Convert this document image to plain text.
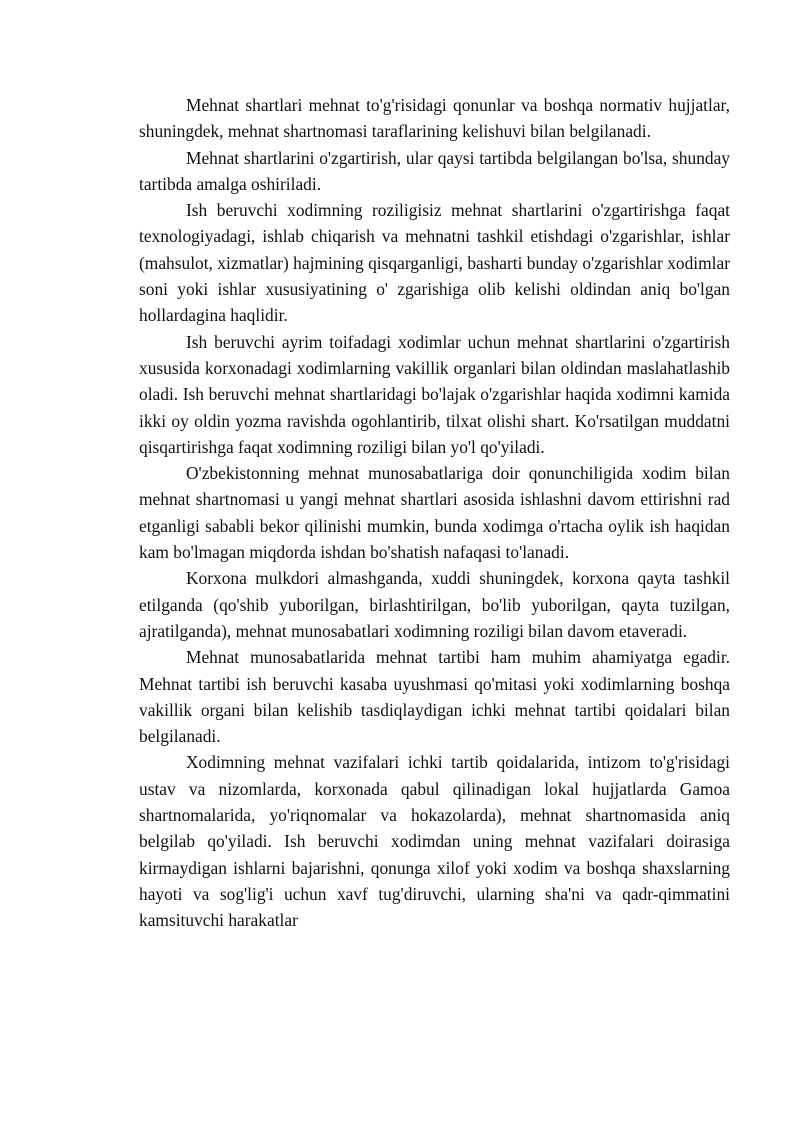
Mehnat shartlari mehnat to'g'risidagi qonunlar va boshqa normativ hujjatlar, shuningdek, mehnat shartnomasi taraflarining kelishuvi bilan belgilanadi.

Mehnat shartlarini o'zgartirish, ular qaysi tartibda belgilangan bo'lsa, shunday tartibda amalga oshiriladi.

Ish beruvchi xodimning roziligisiz mehnat shartlarini o'zgartirishga faqat texnologiyadagi, ishlab chiqarish va mehnatni tashkil etishdagi o'zgarishlar, ishlar (mahsulot, xizmatlar) hajmining qisqarganligi, basharti bunday o'zgarishlar xodimlar soni yoki ishlar xususiyatining o' zgarishiga olib kelishi oldindan aniq bo'lgan hollardagina haqlidir.

Ish beruvchi ayrim toifadagi xodimlar uchun mehnat shartlarini o'zgartirish xususida korxonadagi xodimlarning vakillik organlari bilan oldindan maslahatlashib oladi. Ish beruvchi mehnat shartlaridagi bo'lajak o'zgarishlar haqida xodimni kamida ikki oy oldin yozma ravishda ogohlantirib, tilxat olishi shart. Ko'rsatilgan muddatni qisqartirishga faqat xodimning roziligi bilan yo'l qo'yiladi.

O'zbekistonning mehnat munosabatlariga doir qonunchiligida xodim bilan mehnat shartnomasi u yangi mehnat shartlari asosida ishlashni davom ettirishni rad etganligi sababli bekor qilinishi mumkin, bunda xodimga o'rtacha oylik ish haqidan kam bo'lmagan miqdorda ishdan bo'shatish nafaqasi to'lanadi.

Korxona mulkdori almashganda, xuddi shuningdek, korxona qayta tashkil etilganda (qo'shib yuborilgan, birlashtirilgan, bo'lib yuborilgan, qayta tuzilgan, ajratilganda), mehnat munosabatlari xodimning roziligi bilan davom etaveradi.

Mehnat munosabatlarida mehnat tartibi ham muhim ahamiyatga egadir. Mehnat tartibi ish beruvchi kasaba uyushmasi qo'mitasi yoki xodimlarning boshqa vakillik organi bilan kelishib tasdiqlaydigan ichki mehnat tartibi qoidalari bilan belgilanadi.

Xodimning mehnat vazifalari ichki tartib qoidalarida, intizom to'g'risidagi ustav va nizomlarda, korxonada qabul qilinadigan lokal hujjatlarda Gamoa shartnomalarida, yo'riqnomalar va hokazolarda), mehnat shartnomasida aniq belgilab qo'yiladi. Ish beruvchi xodimdan uning mehnat vazifalari doirasiga kirmaydigan ishlarni bajarishni, qonunga xilof yoki xodim va boshqa shaxslarning hayoti va sog'lig'i uchun xavf tug'diruvchi, ularning sha'ni va qadr-qimmatini kamsituvchi harakatlar
